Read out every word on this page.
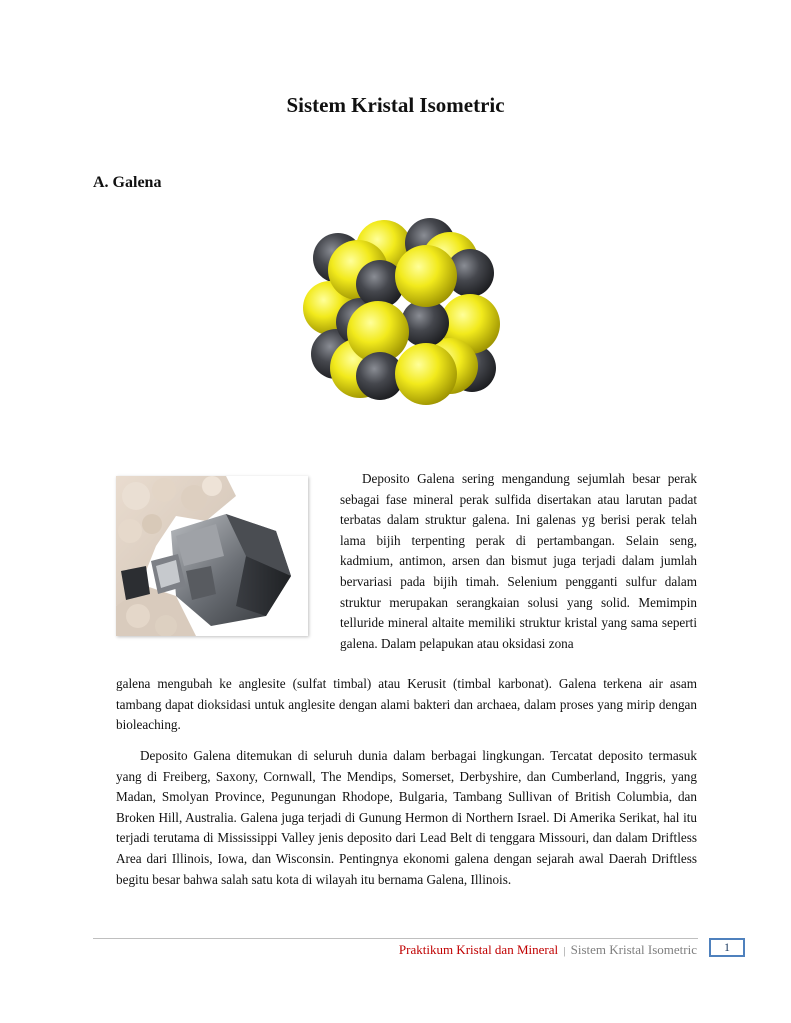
Sistem Kristal Isometric
A. Galena

Deposito Galena sering mengandung sejumlah besar perak sebagai fase mineral perak sulfida disertakan atau larutan padat terbatas dalam struktur galena. Ini galenas yg berisi perak telah lama bijih terpenting perak di pertambangan. Selain seng, kadmium, antimon, arsen dan bismut juga terjadi dalam jumlah bervariasi pada bijih timah. Selenium pengganti sulfur dalam struktur merupakan serangkaian solusi yang solid. Memimpin telluride mineral altaite memiliki struktur kristal yang sama seperti galena. Dalam pelapukan atau oksidasi zona

galena mengubah ke anglesite (sulfat timbal) atau Kerusit (timbal karbonat). Galena terkena air asam tambang dapat dioksidasi untuk anglesite dengan alami bakteri dan archaea, dalam proses yang mirip dengan bioleaching.

Deposito Galena ditemukan di seluruh dunia dalam berbagai lingkungan. Tercatat deposito termasuk yang di Freiberg, Saxony, Cornwall, The Mendips, Somerset, Derbyshire, dan Cumberland, Inggris, yang Madan, Smolyan Province, Pegunungan Rhodope, Bulgaria, Tambang Sullivan of British Columbia, dan Broken Hill, Australia. Galena juga terjadi di Gunung Hermon di Northern Israel. Di Amerika Serikat, hal itu terjadi terutama di Mississippi Valley jenis deposito dari Lead Belt di tenggara Missouri, dan dalam Driftless Area dari Illinois, Iowa, dan Wisconsin. Pentingnya ekonomi galena dengan sejarah awal Daerah Driftless begitu besar bahwa salah satu kota di wilayah itu bernama Galena, Illinois.

Praktikum Kristal dan Mineral | Sistem Kristal Isometric	1
